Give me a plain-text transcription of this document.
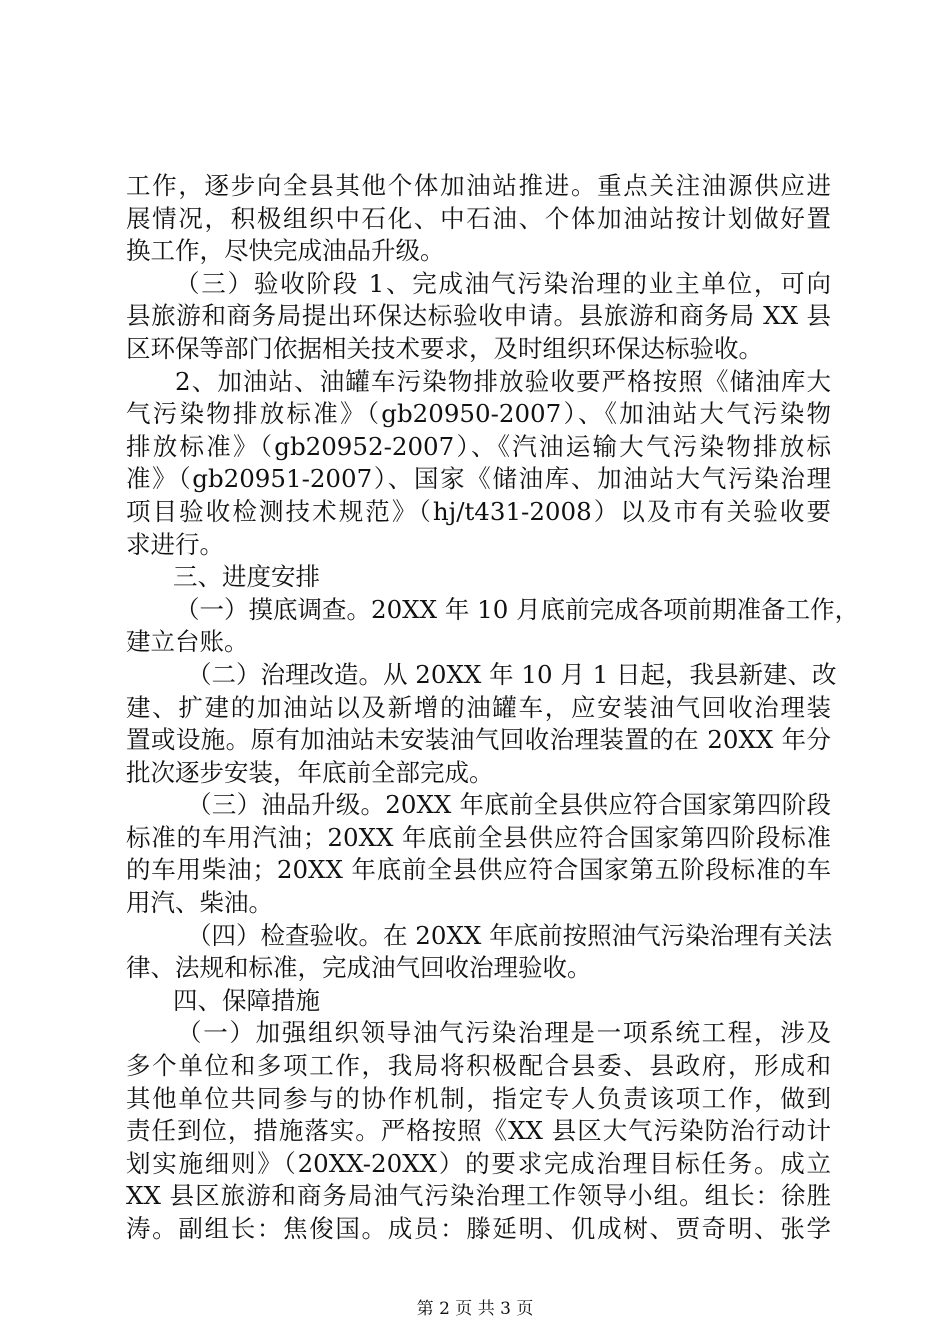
工作，逐步向全县其他个体加油站推进。重点关注油源供应进
展情况，积极组织中石化、中石油、个体加油站按计划做好置
换工作，尽快完成油品升级。
（三）验收阶段 1、完成油气污染治理的业主单位，可向
县旅游和商务局提出环保达标验收申请。县旅游和商务局 XX 县
区环保等部门依据相关技术要求，及时组织环保达标验收。
2、加油站、油罐车污染物排放验收要严格按照《储油库大
气污染物排放标准》（gb20950-2007）、《加油站大气污染物
排放标准》（gb20952-2007）、《汽油运输大气污染物排放标
准》（gb20951-2007）、国家《储油库、加油站大气污染治理
项目验收检测技术规范》（hj/t431-2008）以及市有关验收要
求进行。
三、进度安排
（一）摸底调查。20XX 年 10 月底前完成各项前期准备工作，
建立台账。
（二）治理改造。从 20XX 年 10 月 1 日起，我县新建、改
建、扩建的加油站以及新增的油罐车，应安装油气回收治理装
置或设施。原有加油站未安装油气回收治理装置的在 20XX 年分
批次逐步安装，年底前全部完成。
（三）油品升级。20XX 年底前全县供应符合国家第四阶段
标准的车用汽油；20XX 年底前全县供应符合国家第四阶段标准
的车用柴油；20XX 年底前全县供应符合国家第五阶段标准的车
用汽、柴油。
（四）检查验收。在 20XX 年底前按照油气污染治理有关法
律、法规和标准，完成油气回收治理验收。
四、保障措施
（一）加强组织领导油气污染治理是一项系统工程，涉及
多个单位和多项工作，我局将积极配合县委、县政府，形成和
其他单位共同参与的协作机制，指定专人负责该项工作，做到
责任到位，措施落实。严格按照《XX 县区大气污染防治行动计
划实施细则》（20XX-20XX）的要求完成治理目标任务。成立
XX 县区旅游和商务局油气污染治理工作领导小组。组长：徐胜
涛。副组长：焦俊国。成员：滕延明、仉成树、贾奇明、张学
第 2 页 共 3 页
